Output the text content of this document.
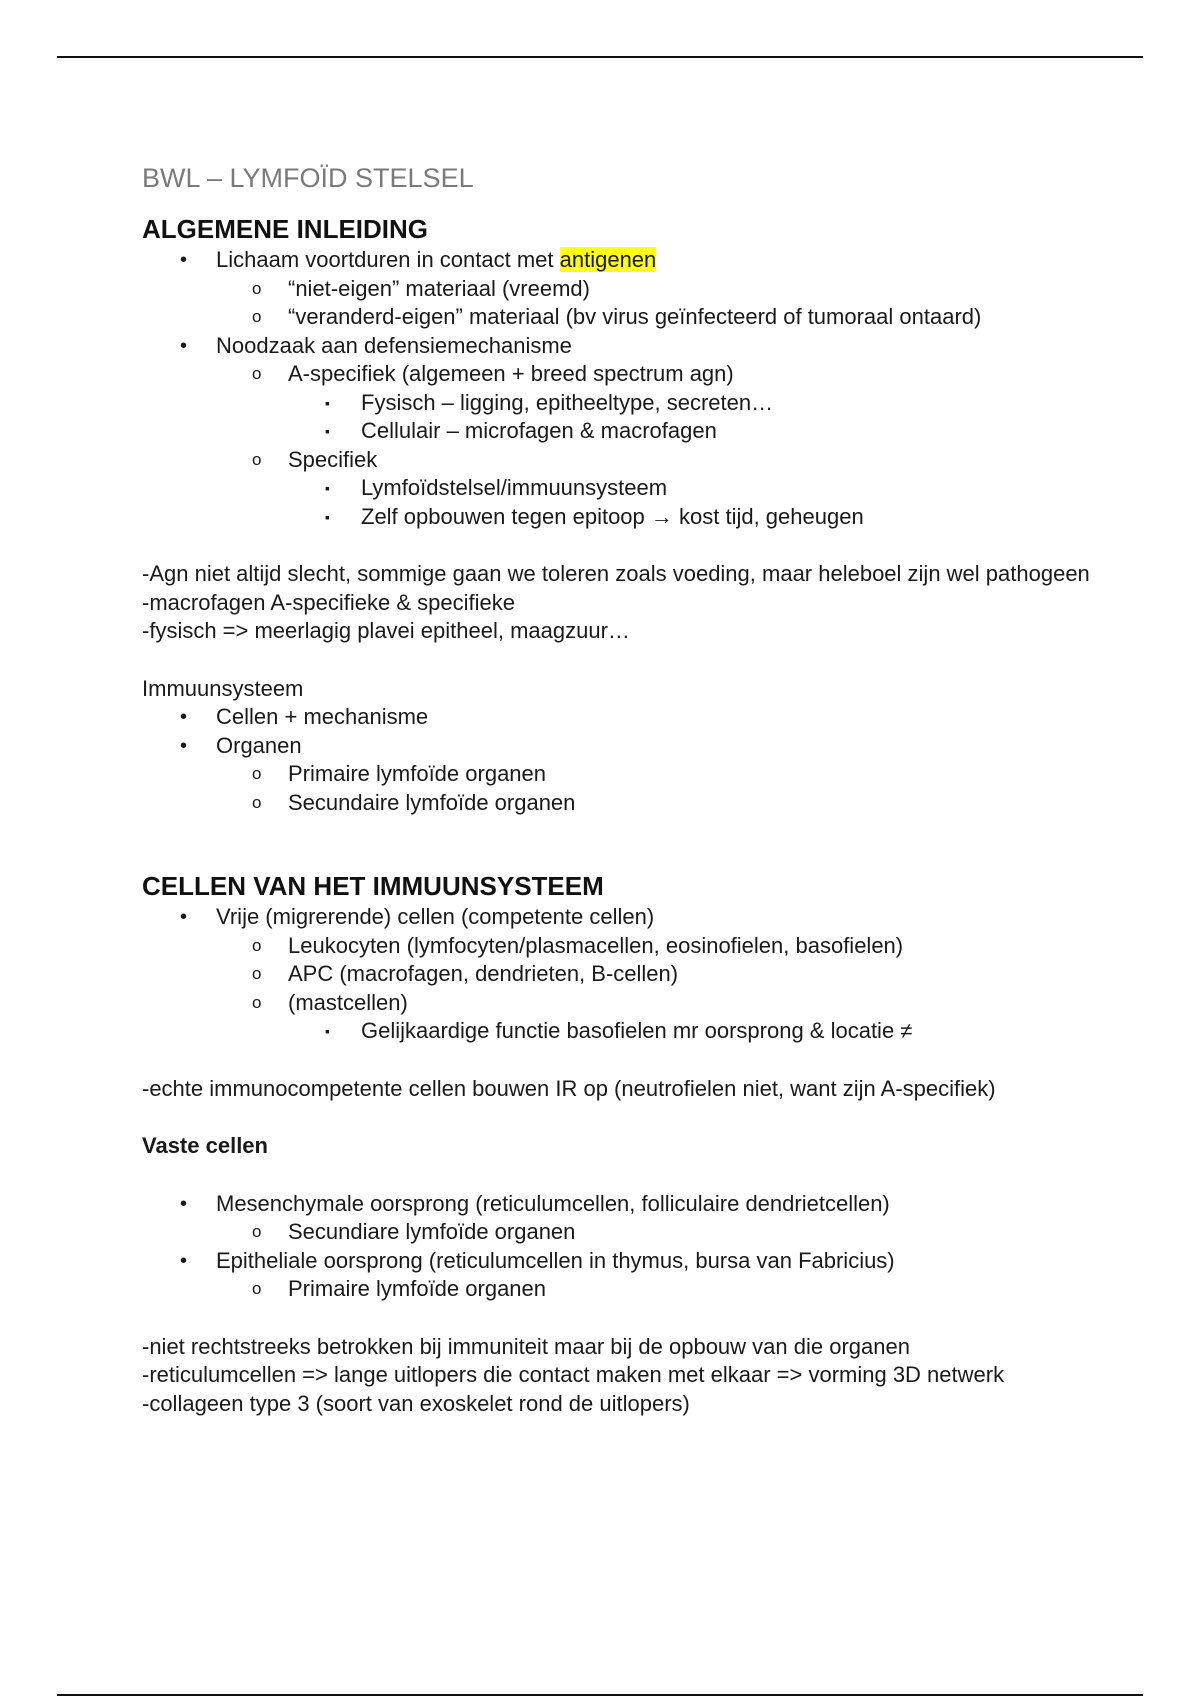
BWL – LYMFOÏD STELSEL
ALGEMENE INLEIDING
• Lichaam voortduren in contact met antigenen
o “niet-eigen” materiaal (vreemd)
o “veranderd-eigen” materiaal (bv virus geïnfecteerd of tumoraal ontaard)
• Noodzaak aan defensiemechanisme
o A-specifiek (algemeen + breed spectrum agn)
▪ Fysisch – ligging, epitheeltype, secreten…
▪ Cellulair – microfagen & macrofagen
o Specifiek
▪ Lymfoïdstelsel/immuunsysteem
▪ Zelf opbouwen tegen epitoop → kost tijd, geheugen

-Agn niet altijd slecht, sommige gaan we toleren zoals voeding, maar heleboel zijn wel pathogeen

-macrofagen A-specifieke & specifieke

-fysisch => meerlagig plavei epitheel, maagzuur…

Immuunsysteem

• Cellen + mechanisme
• Organen
o Primaire lymfoïde organen
o Secundaire lymfoïde organen
CELLEN VAN HET IMMUUNSYSTEEM
• Vrije (migrerende) cellen (competente cellen)
o Leukocyten (lymfocyten/plasmacellen, eosinofielen, basofielen)
o APC (macrofagen, dendrieten, B-cellen)
o (mastcellen)
▪ Gelijkaardige functie basofielen mr oorsprong & locatie ≠

-echte immunocompetente cellen bouwen IR op (neutrofielen niet, want zijn A-specifiek)

Vaste cellen

• Mesenchymale oorsprong (reticulumcellen, folliculaire dendrietcellen)
o Secundiare lymfoïde organen
• Epitheliale oorsprong (reticulumcellen in thymus, bursa van Fabricius)
o Primaire lymfoïde organen

-niet rechtstreeks betrokken bij immuniteit maar bij de opbouw van die organen

-reticulumcellen => lange uitlopers die contact maken met elkaar => vorming 3D netwerk

-collageen type 3 (soort van exoskelet rond de uitlopers)
